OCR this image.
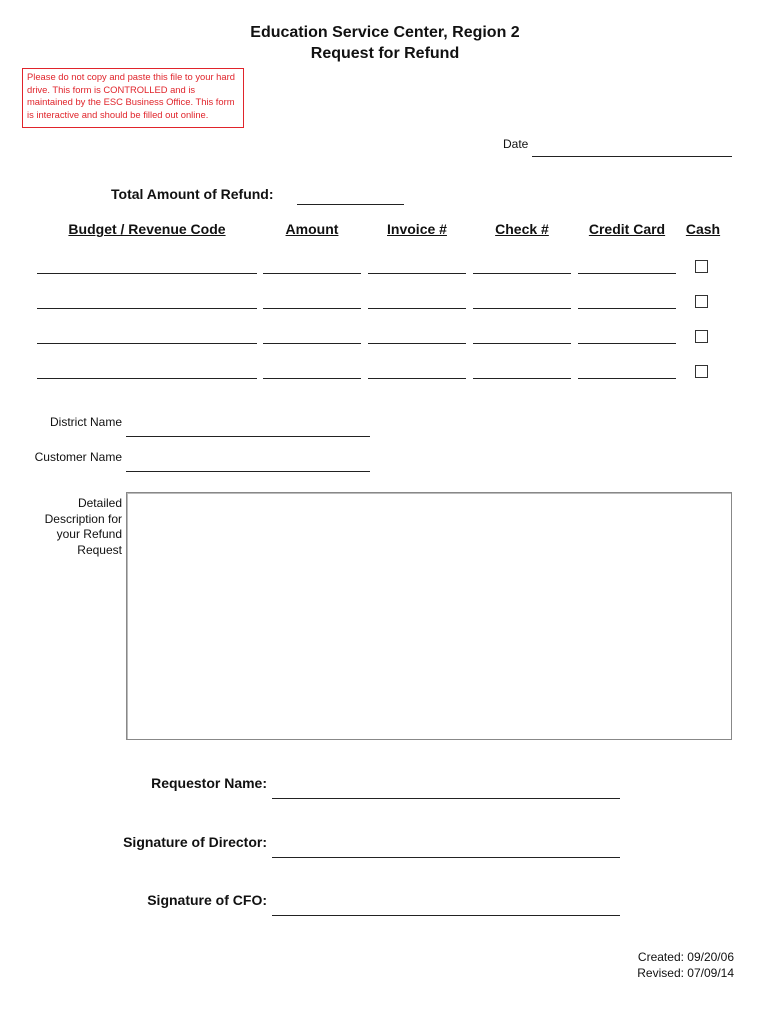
Education Service Center, Region 2
Request for Refund
Please do not copy and paste this file to your hard drive. This form is CONTROLLED and is maintained by the ESC Business Office. This form is interactive and should be filled out online.
Date
Total Amount of Refund:
Budget / Revenue Code	Amount	Invoice #	Check #	Credit Card	Cash
District Name
Customer Name
Detailed
Description for
your Refund
Request
Requestor Name:
Signature of Director:
Signature of CFO:
Created: 09/20/06
Revised: 07/09/14
